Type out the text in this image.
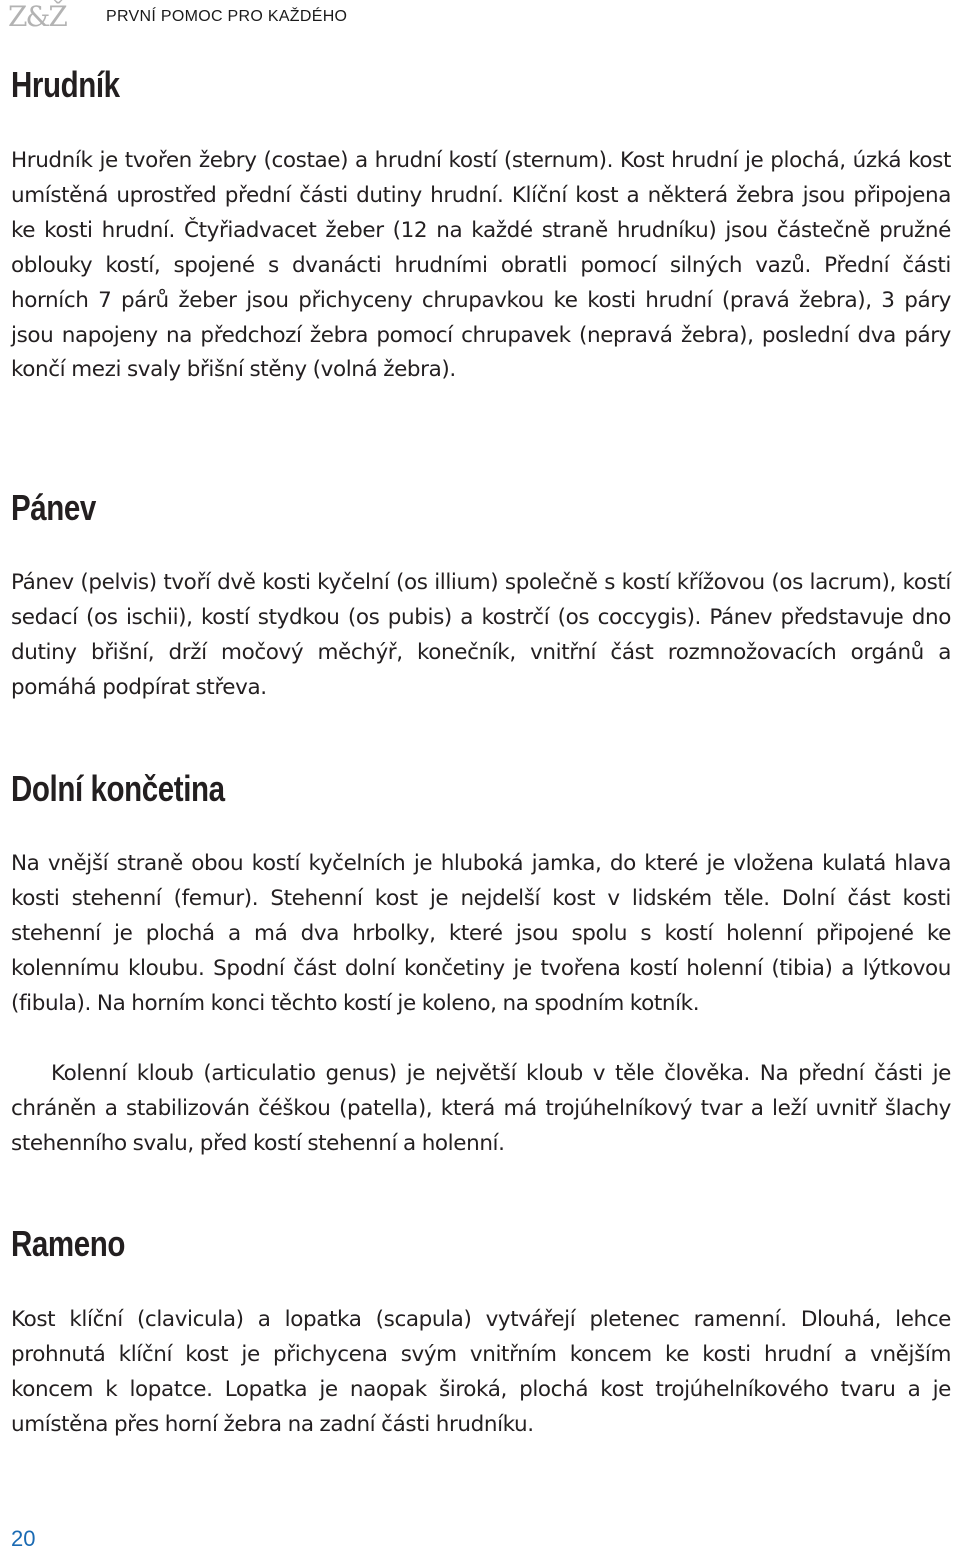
Z&Ž	PRVNÍ POMOC PRO KAŽDÉHO
Hrudník

Hrudník je tvořen žebry (costae) a hrudní kostí (sternum). Kost hrudní je plochá, úzká kost umístěná uprostřed přední části dutiny hrudní. Klíční kost a některá žebra jsou připojena ke kosti hrudní. Čtyřiadvacet žeber (12 na každé straně hrudníku) jsou částečně pružné oblouky kostí, spojené s dvanácti hrudními obratli pomocí silných vazů. Přední části horních 7 párů žeber jsou přichyceny chrupavkou ke kosti hrudní (pravá žebra), 3 páry jsou napojeny na předchozí žebra pomocí chrupavek (nepravá žebra), poslední dva páry končí mezi svaly břišní stěny (volná žebra).

Pánev

Pánev (pelvis) tvoří dvě kosti kyčelní (os illium) společně s kostí křížovou (os lacrum), kostí sedací (os ischii), kostí stydkou (os pubis) a kostrčí (os coccygis). Pánev představuje dno dutiny břišní, drží močový měchýř, konečník, vnitřní část rozmnožovacích orgánů a pomáhá podpírat střeva.

Dolní končetina

Na vnější straně obou kostí kyčelních je hluboká jamka, do které je vložena kulatá hlava kosti stehenní (femur). Stehenní kost je nejdelší kost v lidském těle. Dolní část kosti stehenní je plochá a má dva hrbolky, které jsou spolu s kostí holenní připojené ke kolennímu kloubu. Spodní část dolní končetiny je tvořena kostí holenní (tibia) a lýtkovou (fibula). Na horním konci těchto kostí je koleno, na spodním kotník.

Kolenní kloub (articulatio genus) je největší kloub v těle člověka. Na přední části je chráněn a stabilizován čéškou (patella), která má trojúhelníkový tvar a leží uvnitř šlachy stehenního svalu, před kostí stehenní a holenní.

Rameno

Kost klíční (clavicula) a lopatka (scapula) vytvářejí pletenec ramenní. Dlouhá, lehce prohnutá klíční kost je přichycena svým vnitřním koncem ke kosti hrudní a vnějším koncem k lopatce. Lopatka je naopak široká, plochá kost trojúhelníkového tvaru a je umístěna přes horní žebra na zadní části hrudníku.

20
